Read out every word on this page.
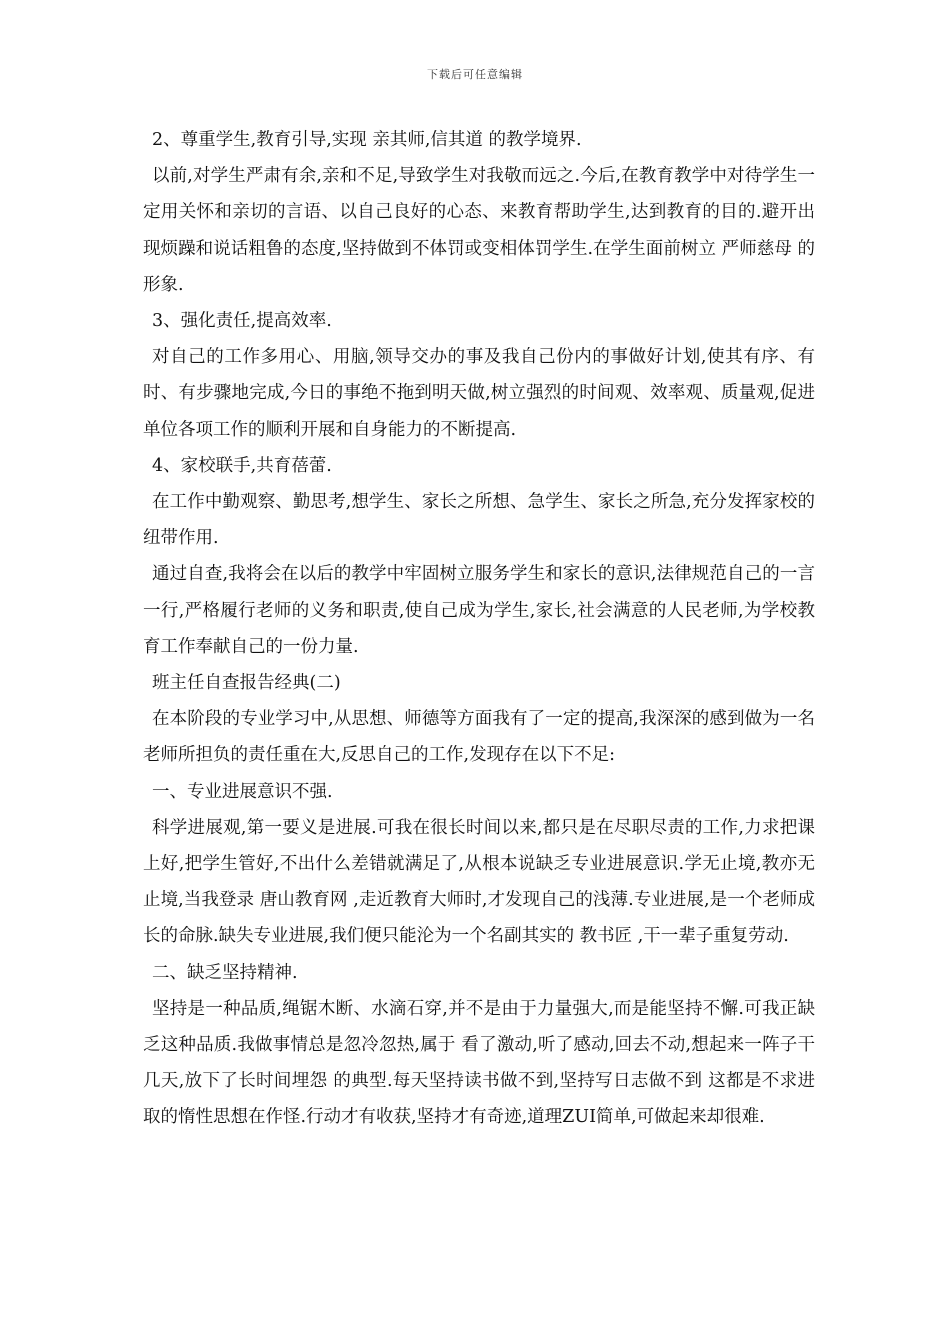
下载后可任意编辑

2、尊重学生,教育引导,实现 亲其师,信其道 的教学境界.

以前,对学生严肃有余,亲和不足,导致学生对我敬而远之.今后,在教育教学中对待学生一定用关怀和亲切的言语、以自己良好的心态、来教育帮助学生,达到教育的目的.避开出现烦躁和说话粗鲁的态度,坚持做到不体罚或变相体罚学生.在学生面前树立 严师慈母 的形象.

3、强化责任,提高效率.

对自己的工作多用心、用脑,领导交办的事及我自己份内的事做好计划,使其有序、有时、有步骤地完成,今日的事绝不拖到明天做,树立强烈的时间观、效率观、质量观,促进单位各项工作的顺利开展和自身能力的不断提高.

4、家校联手,共育蓓蕾.

在工作中勤观察、勤思考,想学生、家长之所想、急学生、家长之所急,充分发挥家校的纽带作用.

通过自查,我将会在以后的教学中牢固树立服务学生和家长的意识,法律规范自己的一言一行,严格履行老师的义务和职责,使自己成为学生,家长,社会满意的人民老师,为学校教育工作奉献自己的一份力量.

班主任自查报告经典(二)

在本阶段的专业学习中,从思想、师德等方面我有了一定的提高,我深深的感到做为一名老师所担负的责任重在大,反思自己的工作,发现存在以下不足:

一、专业进展意识不强.

科学进展观,第一要义是进展.可我在很长时间以来,都只是在尽职尽责的工作,力求把课上好,把学生管好,不出什么差错就满足了,从根本说缺乏专业进展意识.学无止境,教亦无止境,当我登录 唐山教育网 ,走近教育大师时,才发现自己的浅薄.专业进展,是一个老师成长的命脉.缺失专业进展,我们便只能沦为一个名副其实的 教书匠 ,干一辈子重复劳动.

二、缺乏坚持精神.

坚持是一种品质,绳锯木断、水滴石穿,并不是由于力量强大,而是能坚持不懈.可我正缺乏这种品质.我做事情总是忽冷忽热,属于 看了激动,听了感动,回去不动,想起来一阵子干几天,放下了长时间埋怨 的典型.每天坚持读书做不到,坚持写日志做不到 这都是不求进取的惰性思想在作怪.行动才有收获,坚持才有奇迹,道理ZUI简单,可做起来却很难.
